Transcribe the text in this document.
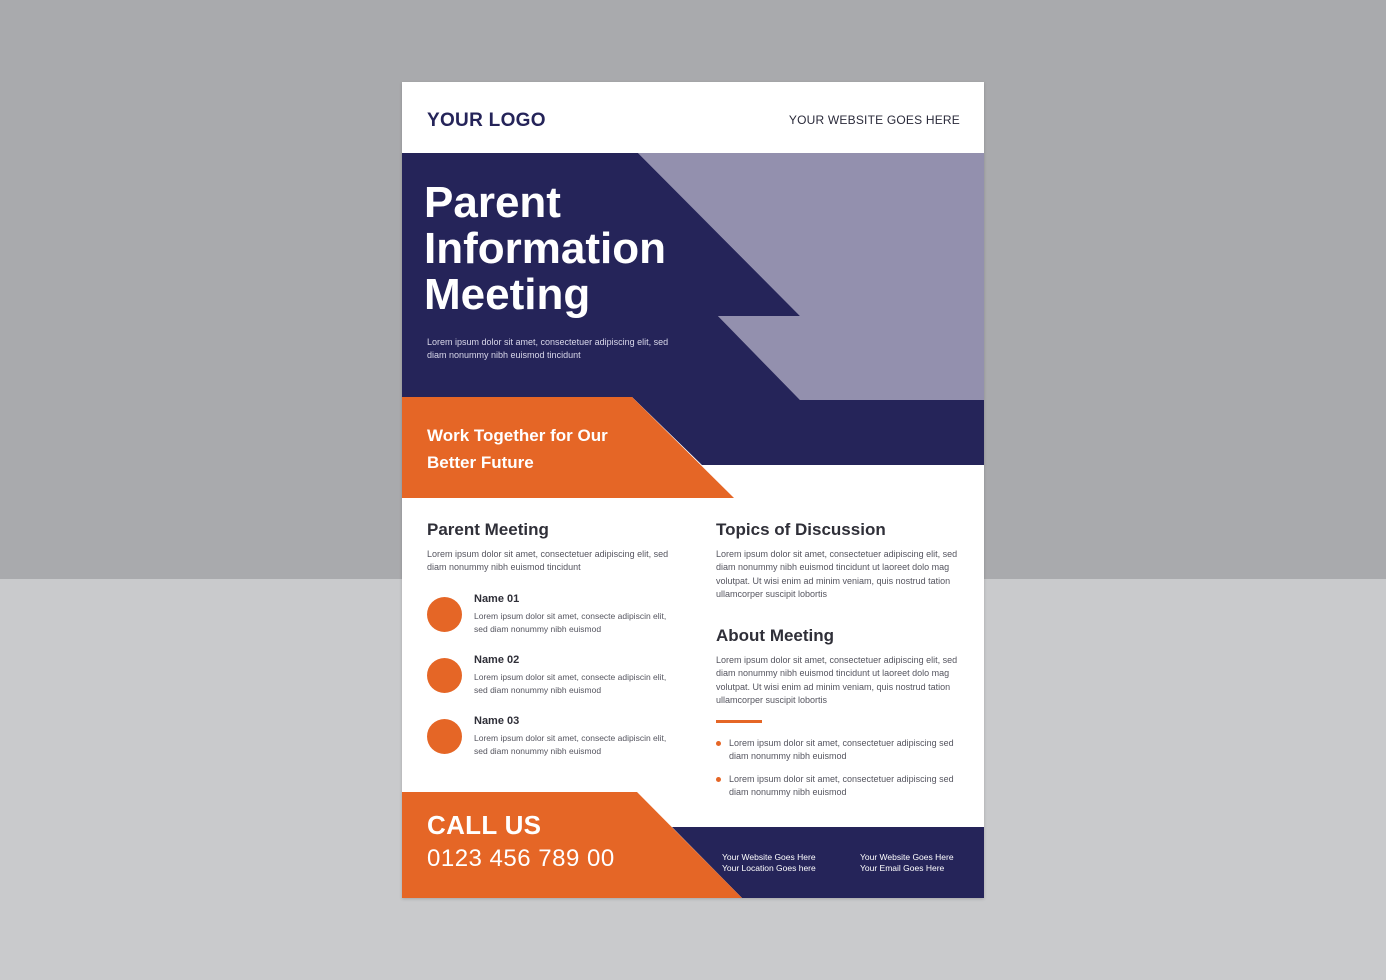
YOUR LOGO	YOUR WEBSITE GOES HERE
Parent
Information
Meeting
Lorem ipsum dolor sit amet, consectetuer adipiscing elit, sed diam nonummy nibh euismod tincidunt
Work Together for Our
Better Future
Parent Meeting

Lorem ipsum dolor sit amet, consectetuer adipiscing elit, sed diam nonummy nibh euismod tincidunt

Name 01
Lorem ipsum dolor sit amet, consecte adipiscin elit, sed diam nonummy nibh euismod
Name 02
Lorem ipsum dolor sit amet, consecte adipiscin elit, sed diam nonummy nibh euismod
Name 03
Lorem ipsum dolor sit amet, consecte adipiscin elit, sed diam nonummy nibh euismod
Topics of Discussion

Lorem ipsum dolor sit amet, consectetuer adipiscing elit, sed diam nonummy nibh euismod tincidunt ut laoreet dolo mag volutpat. Ut wisi enim ad minim veniam, quis nostrud tation ullamcorper suscipit lobortis

About Meeting

Lorem ipsum dolor sit amet, consectetuer adipiscing elit, sed diam nonummy nibh euismod tincidunt ut laoreet dolo mag volutpat. Ut wisi enim ad minim veniam, quis nostrud tation ullamcorper suscipit lobortis

Lorem ipsum dolor sit amet, consectetuer adipiscing sed diam nonummy nibh euismod
Lorem ipsum dolor sit amet, consectetuer adipiscing sed diam nonummy nibh euismod
CALL US
0123 456 789 00	Your Website Goes Here
Your Location Goes here
Your Website Goes Here
Your Email Goes Here
